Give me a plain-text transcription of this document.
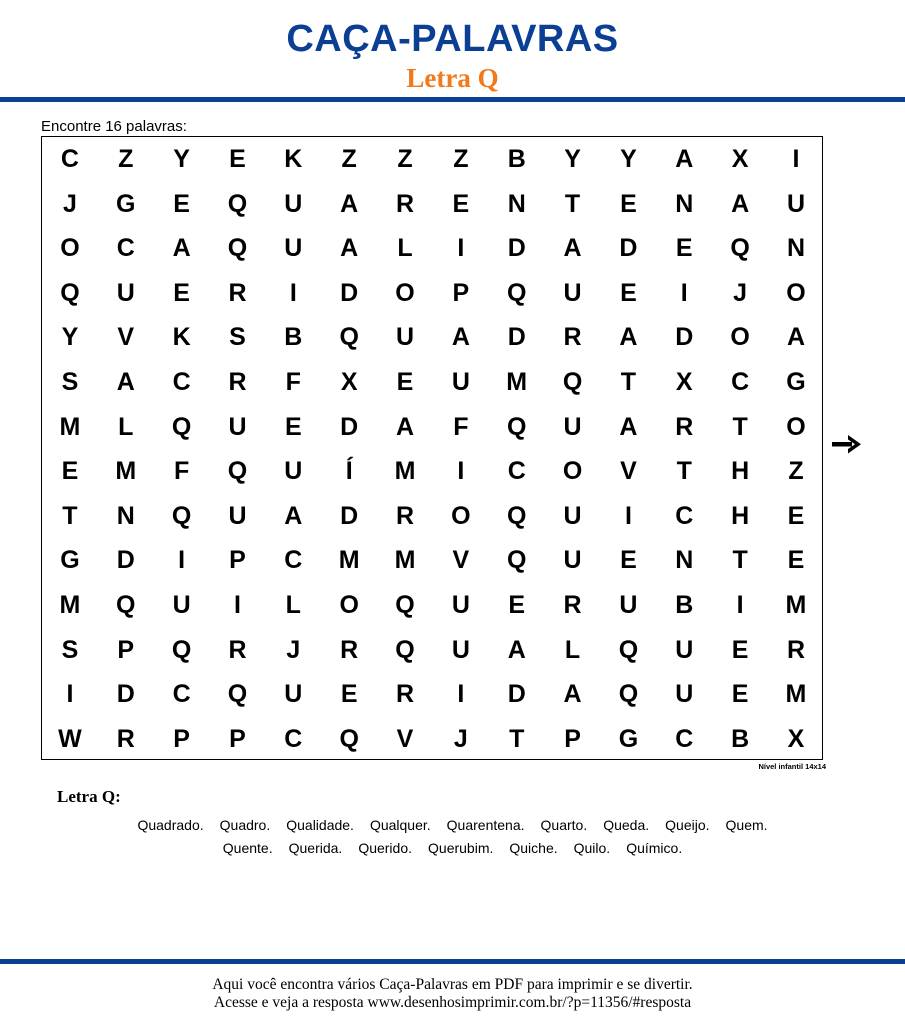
CAÇA-PALAVRAS
Letra Q
Encontre 16 palavras:
C	Z	Y	E	K	Z	Z	Z	B	Y	Y	A	X	I
J	G	E	Q	U	A	R	E	N	T	E	N	A	U
O	C	A	Q	U	A	L	I	D	A	D	E	Q	N
Q	U	E	R	I	D	O	P	Q	U	E	I	J	O
Y	V	K	S	B	Q	U	A	D	R	A	D	O	A
S	A	C	R	F	X	E	U	M	Q	T	X	C	G
M	L	Q	U	E	D	A	F	Q	U	A	R	T	O
E	M	F	Q	U	Í	M	I	C	O	V	T	H	Z
T	N	Q	U	A	D	R	O	Q	U	I	C	H	E
G	D	I	P	C	M	M	V	Q	U	E	N	T	E
M	Q	U	I	L	O	Q	U	E	R	U	B	I	M
S	P	Q	R	J	R	Q	U	A	L	Q	U	E	R
I	D	C	Q	U	E	R	I	D	A	Q	U	E	M
W	R	P	P	C	Q	V	J	T	P	G	C	B	X
Nível infantil 14x14
Letra Q:
Quadrado. Quadro. Qualidade. Qualquer. Quarentena. Quarto. Queda. Queijo. Quem.
Quente. Querida. Querido. Querubim. Quiche. Quilo. Químico.
Aqui você encontra vários Caça-Palavras em PDF para imprimir e se divertir.
Acesse e veja a resposta www.desenhosimprimir.com.br/?p=11356/#resposta
